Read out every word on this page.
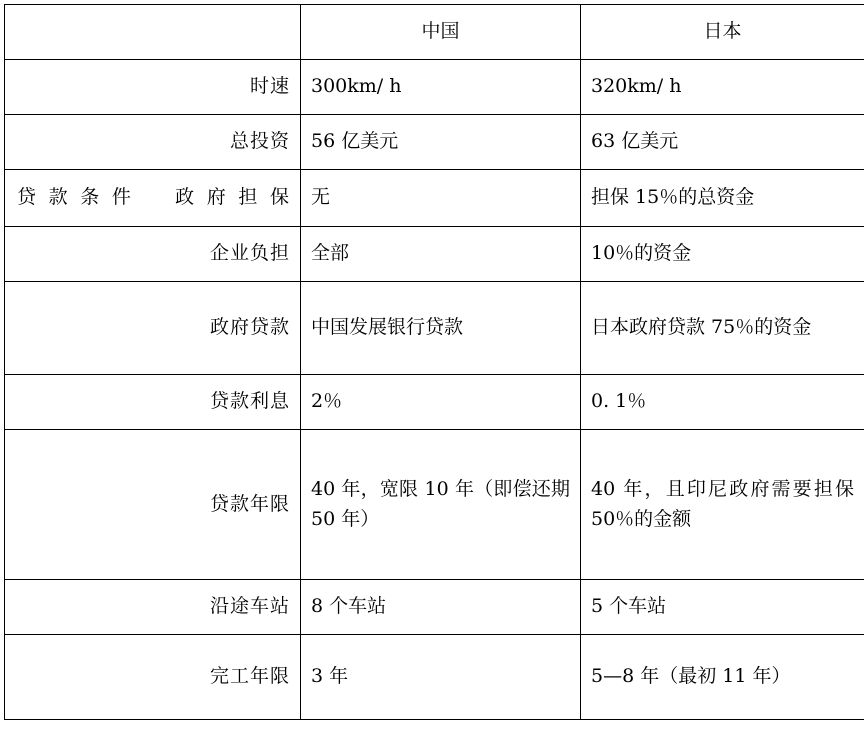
	中国	日本
时速	300km/ h	320km/ h
总投资	56 亿美元	63 亿美元
贷款条件　政府担保	无	担保 15％的总资金
企业负担	全部	10％的资金
政府贷款	中国发展银行贷款	日本政府贷款 75％的资金
贷款利息	2％	0. 1％
贷款年限	40 年，宽限 10 年（即偿还期 50 年）	40 年，且印尼政府需要担保 50％的金额
沿途车站	8 个车站	5 个车站
完工年限	3 年	5—8 年（最初 11 年）
